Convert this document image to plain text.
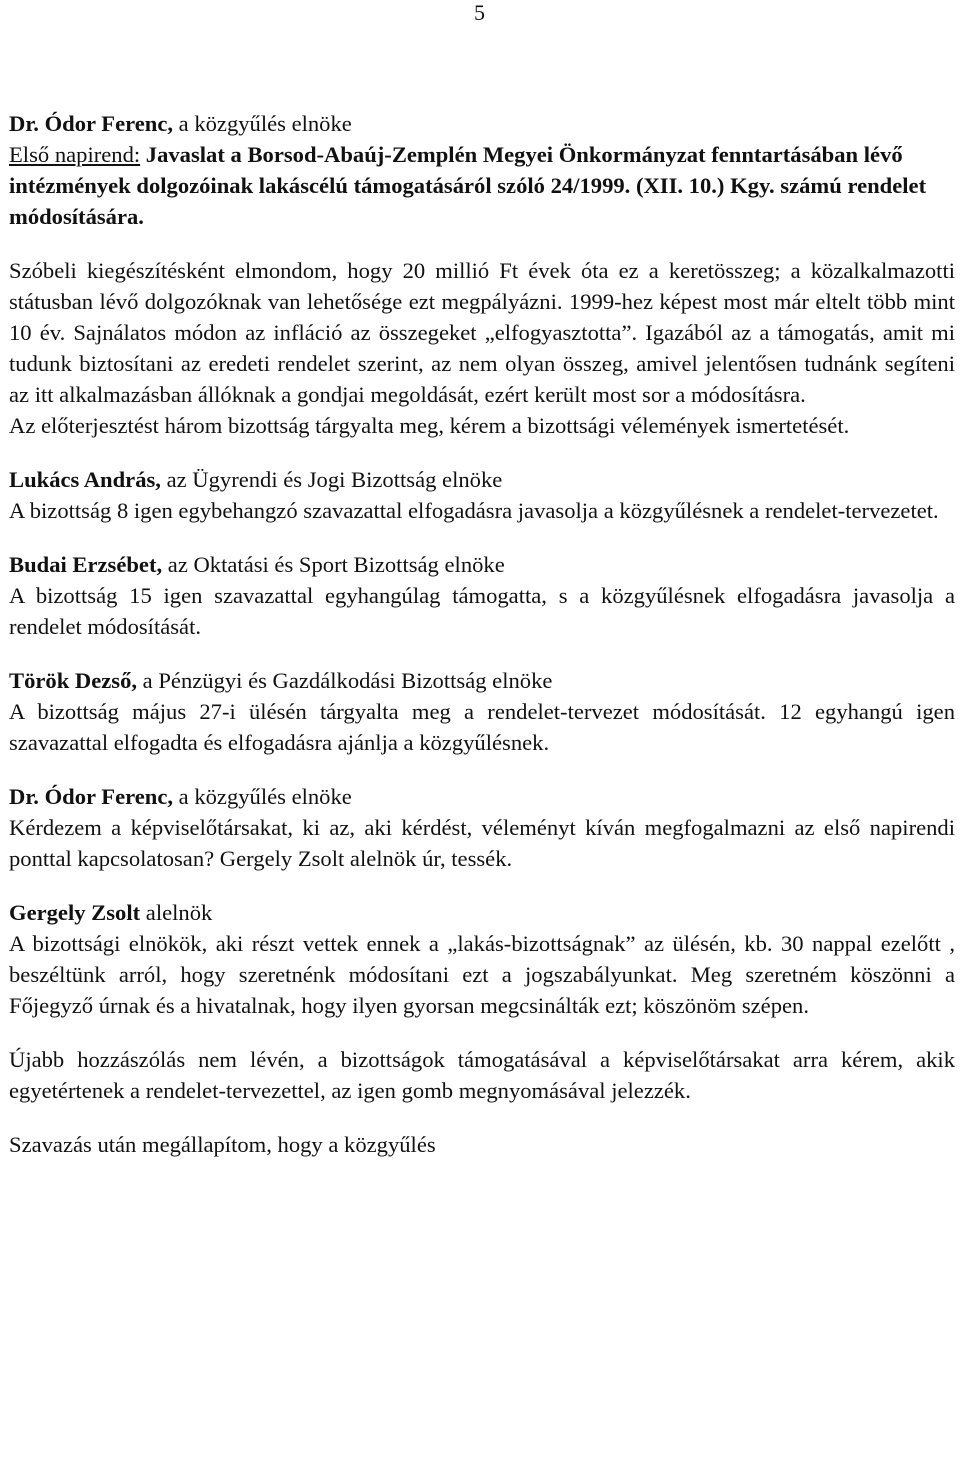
5

Dr. Ódor Ferenc, a közgyűlés elnöke

Első napirend: Javaslat a Borsod-Abaúj-Zemplén Megyei Önkormányzat fenntartásában lévő intézmények dolgozóinak lakáscélú támogatásáról szóló 24/1999. (XII. 10.) Kgy. számú rendelet módosítására.

Szóbeli kiegészítésként elmondom, hogy 20 millió Ft évek óta ez a keretösszeg; a közalkalmazotti státusban lévő dolgozóknak van lehetősége ezt megpályázni. 1999-hez képest most már eltelt több mint 10 év. Sajnálatos módon az infláció az összegeket „elfogyasztotta”. Igazából az a támogatás, amit mi tudunk biztosítani az eredeti rendelet szerint, az nem olyan összeg, amivel jelentősen tudnánk segíteni az itt alkalmazásban állóknak a gondjai megoldását, ezért került most sor a módosításra.

Az előterjesztést három bizottság tárgyalta meg, kérem a bizottsági vélemények ismertetését.

Lukács András, az Ügyrendi és Jogi Bizottság elnöke

A bizottság 8 igen egybehangzó szavazattal elfogadásra javasolja a közgyűlésnek a rendelet-tervezetet.

Budai Erzsébet, az Oktatási és Sport Bizottság elnöke

A bizottság 15 igen szavazattal egyhangúlag támogatta, s a közgyűlésnek elfogadásra javasolja a rendelet módosítását.

Török Dezső, a Pénzügyi és Gazdálkodási Bizottság elnöke

A bizottság május 27-i ülésén tárgyalta meg a rendelet-tervezet módosítását. 12 egyhangú igen szavazattal elfogadta és elfogadásra ajánlja a közgyűlésnek.

Dr. Ódor Ferenc, a közgyűlés elnöke

Kérdezem a képviselőtársakat, ki az, aki kérdést, véleményt kíván megfogalmazni az első napirendi ponttal kapcsolatosan? Gergely Zsolt alelnök úr, tessék.

Gergely Zsolt alelnök

A bizottsági elnökök, aki részt vettek ennek a „lakás-bizottságnak” az ülésén, kb. 30 nappal ezelőtt , beszéltünk arról, hogy szeretnénk módosítani ezt a jogszabályunkat. Meg szeretném köszönni a Főjegyző úrnak és a hivatalnak, hogy ilyen gyorsan megcsinálták ezt; köszönöm szépen.

Újabb hozzászólás nem lévén, a bizottságok támogatásával a képviselőtársakat arra kérem, akik egyetértenek a rendelet-tervezettel, az igen gomb megnyomásával jelezzék.

Szavazás után megállapítom, hogy a közgyűlés
